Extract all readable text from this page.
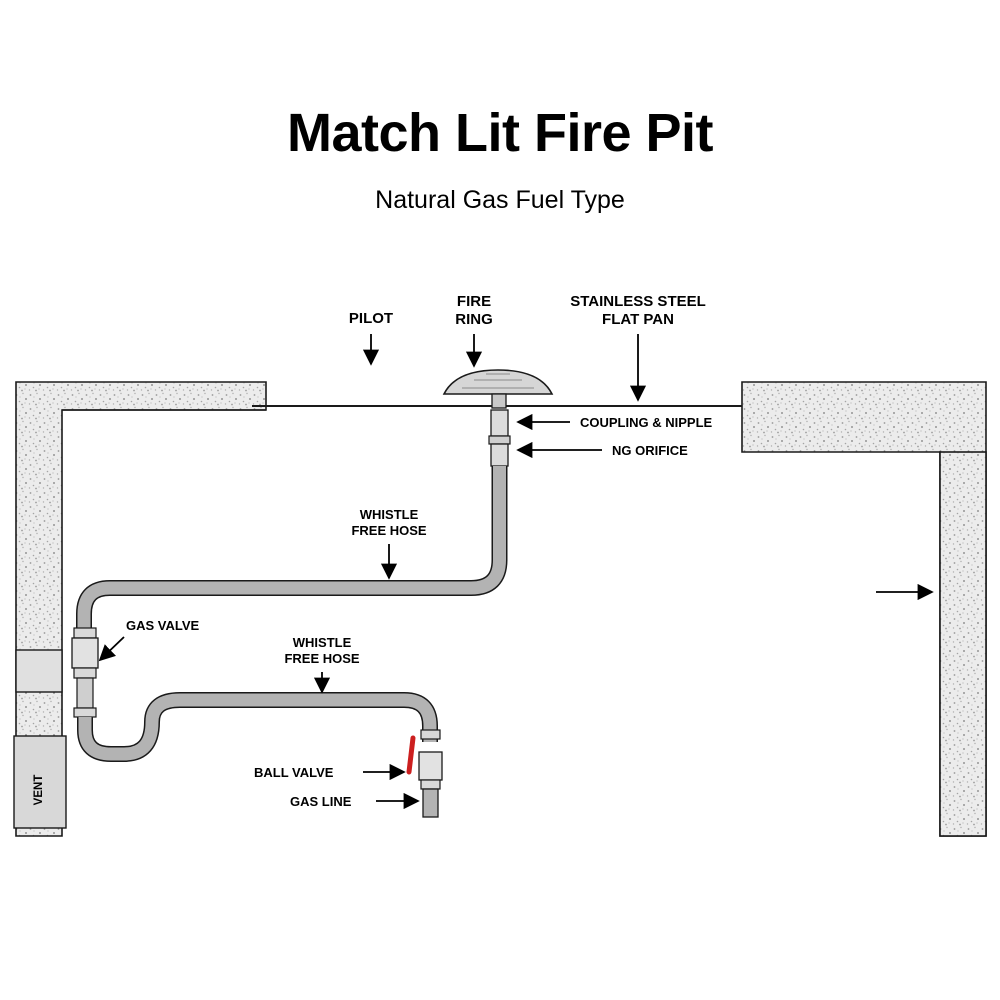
Match Lit Fire Pit
Natural Gas Fuel Type
VENT
PILOT
FIRE
RING
STAINLESS STEEL
FLAT PAN
COUPLING & NIPPLE
NG ORIFICE
WHISTLE
FREE HOSE
GAS VALVE
WHISTLE
FREE HOSE
BALL VALVE
GAS LINE
